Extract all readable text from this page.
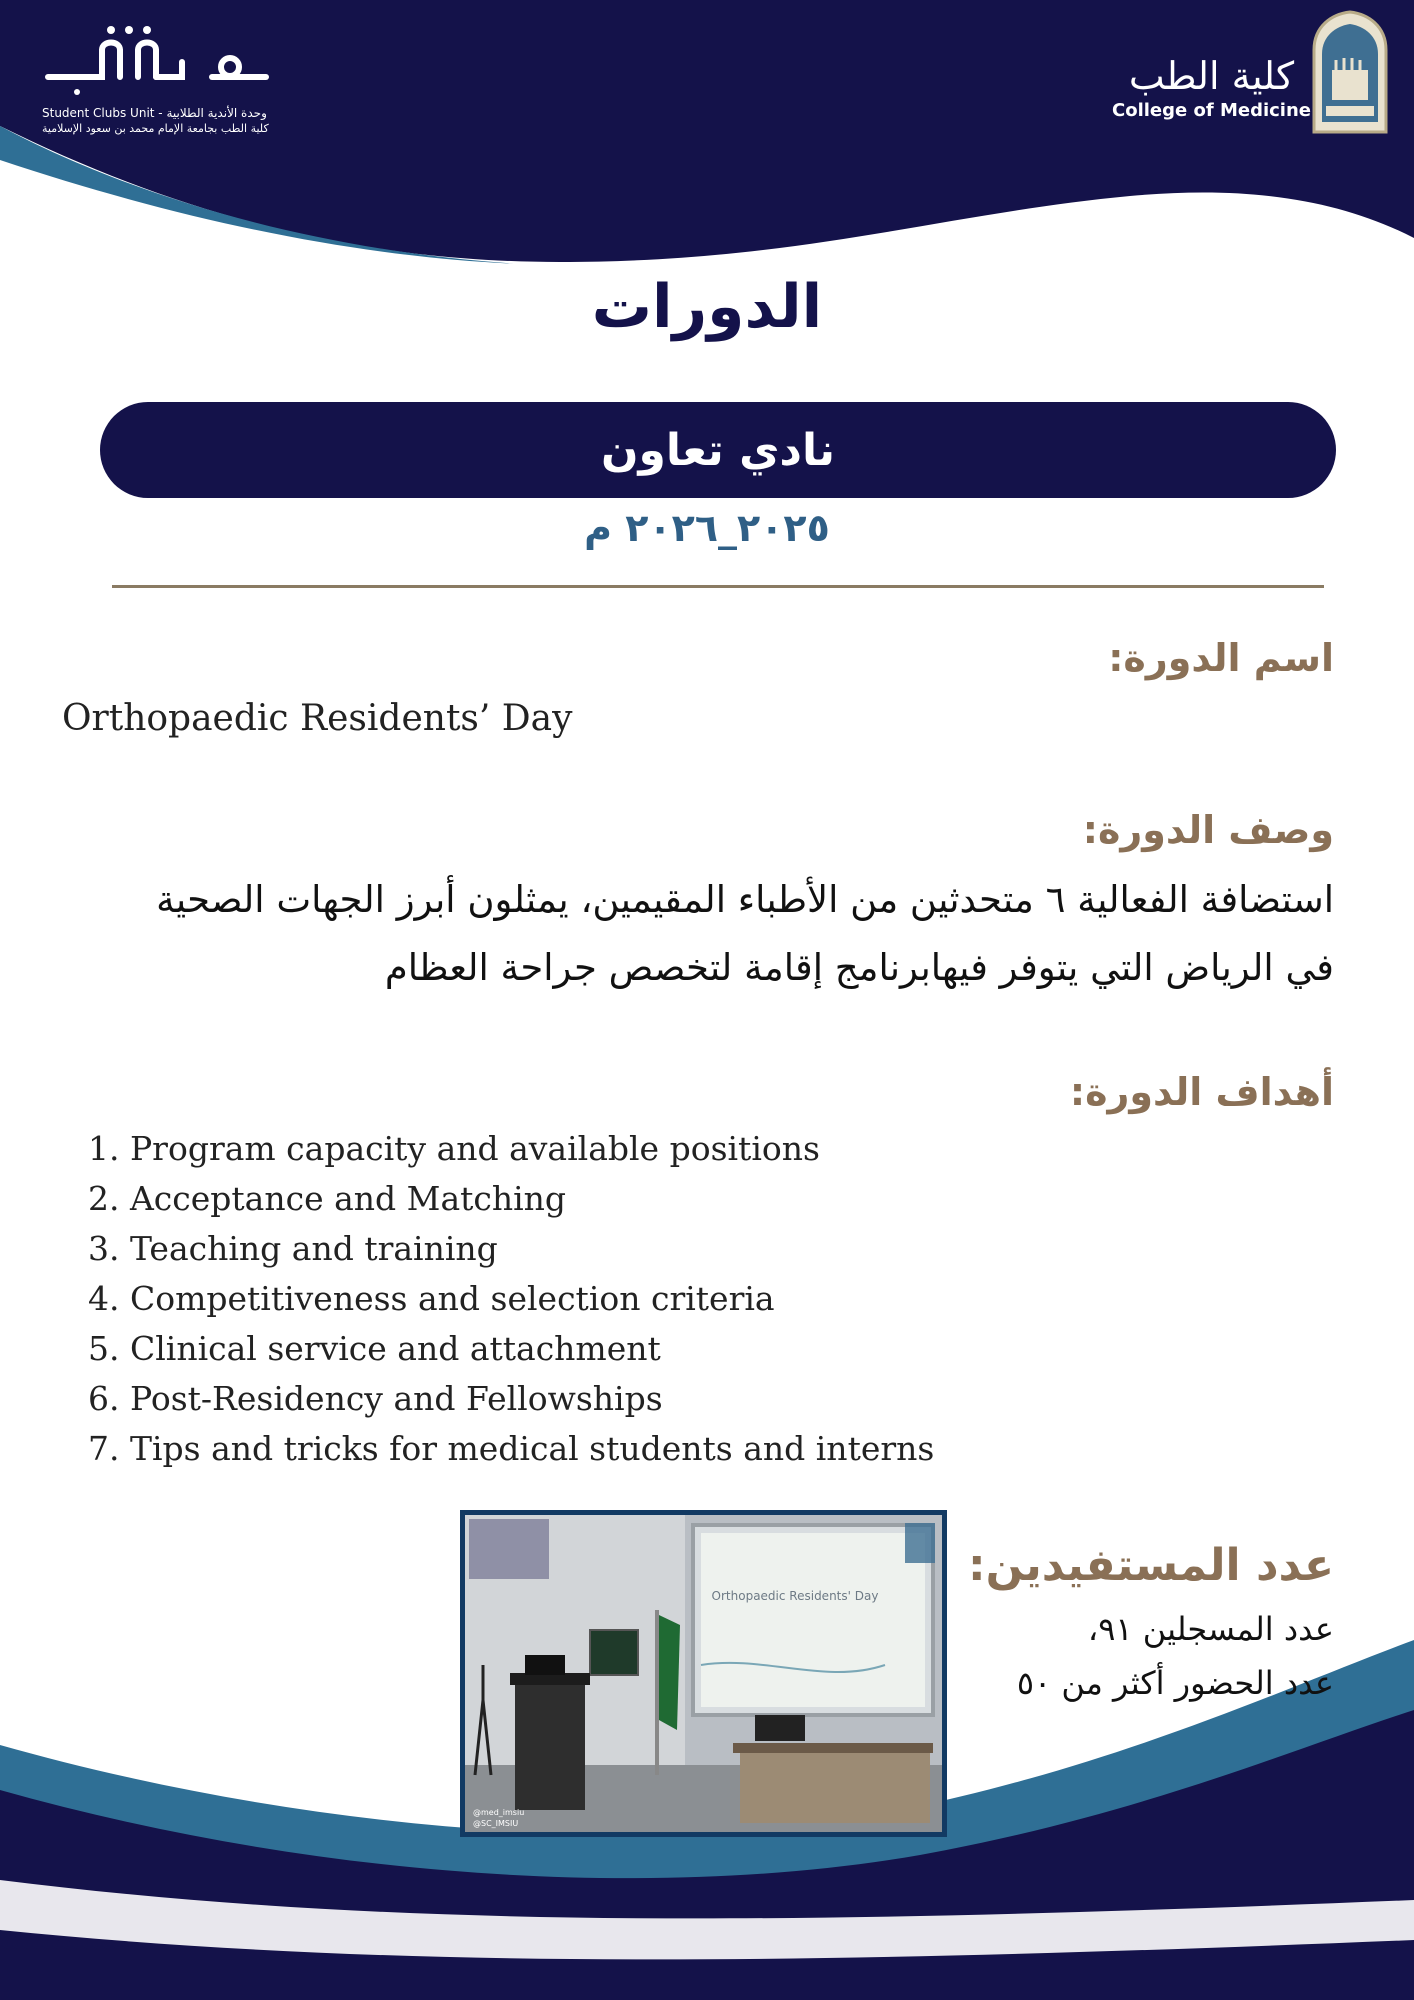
Student Clubs Unit - وحدة الأندية الطلابية
كلية الطب بجامعة الإمام محمد بن سعود الإسلامية
كلية الطب
College of Medicine
الدورات
نادي تعاون
٢٠٢٥_٢٠٢٦ م
اسم الدورة:
Orthopaedic Residents’ Day
وصف الدورة:
استضافة الفعالية ٦ متحدثين من الأطباء المقيمين، يمثلون أبرز الجهات الصحية
في الرياض التي يتوفر فيهابرنامج إقامة لتخصص جراحة العظام
أهداف الدورة:
1. Program capacity and available positions
2. Acceptance and Matching
3. Teaching and training
4. Competitiveness and selection criteria
5. Clinical service and attachment
6. Post-Residency and Fellowships
7. Tips and tricks for medical students and interns
Orthopaedic Residents' Day
@med_imsiu
@SC_IMSIU
عدد المستفيدين:
عدد المسجلين ٩١،
عدد الحضور أكثر من ٥٠
